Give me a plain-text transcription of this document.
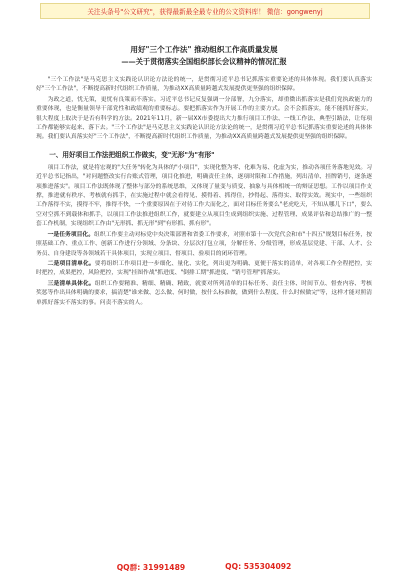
关注头条号"公文研究"，获得最新最全最专业的公文资料库！ 微信：gongwenyj
用好"三个工作法" 推动组织工作高质量发展
——关于贯彻落实全国组织部长会议精神的情况汇报

"三个工作法"是马克思主义实践论认识论方法论的统一，是贯彻习近平总书记抓落实重要论述的具体体现。我们要认真落实好"三个工作法"，不断提高新时代组织工作质量，为推动XX高质量跨越式发展提供更坚强的组织保障。

为政之道，忧无策，更忧有良策而不落实。习近平总书记反复强调一分部署，九分落实，却重微出抓落实是我们党执政能力的重要体现，也是衡量领导干部党性和政绩观的重要标志。要把抓落实作为开展工作的主要方式。会不会抓落实，能不能抓好落实，很大程度上取决于是否有科学的方法。2021年11月，新一届XX市委提出大力推行项目工作法、一线工作法、典型引路法，让每项工作都能够实起来、落下去。"三个工作法"是马克思主义实践论认识论方法论的统一，是贯彻习近平总书记抓落实重要论述的具体体现。我们要认真落实好"三个工作法"，不断提高新时代组织工作质量，为推动XX高质量跨越式发展提供更坚强的组织保障。

一、用好项目工作法把组织工作做实，变"无形"为"有形"

项目工作法，就是将宏观的"大任务"转化为具体的"小项目"，实现化整为零、化难为易、化虚为实，推动各项任务落地见效。习近平总书记指出，"对问题整改实行台账式管理，项目化推进，明确责任主体，逐项时限和工作措施，列出清单、挂牌销号，逐条逐项推进落实"。项目工作法既体现了整体与部分的系统思维，又体现了量变与质变、抽象与具体相统一的辩证思想。工作以项目作支撑，推进就有秩序、考核就有抓手，在实施过程中就会看得见、摸得着、抓得住，抄得起、落得实、取得实效。现实中，一些组织工作落得不实，摸得不牢，推得不快，一个重要原因在于对待工作大而化之，面对目标任务要么"老虎吃天，不知从哪儿下口"，要么空对空抓不到载体和抓手，以项目工作法推进组织工作，就要建立从项目生成到组织实施、过程管理、成果评估和总结推广的一整套工作机制，实现组织工作由"无形抓、抓无形"到"有形抓、抓有形"。

一是任务项目化。组织工作要主动对标党中央决策部署和省委工作要求，对照市第十一次党代会和市"十四五"规划目标任务，按照基础工作、重点工作、创新工作进行分领域、分条块、分层次打包立项，分解任务、分级管理，形成基层党建、干部、人才、公务员、自身建设等各领域若干具体项目，实现立项目、督项目、验项目的闭环管理。

二是项目清单化。要将组织工作项目进一步细化、量化、实化，列出更为明确、更便于落实的清单，对各项工作全程把控，实时把控，成果把控，风险把控，实现"挂图作战"抓进度、"倒排工期"抓进度、"销号管理"抓落实。

三是清单具体化。组织工作要精准、精细、精确、精致，就要对所列清单的目标任务、责任主体、时间节点、督查内容、考核奖惩等作出具体明确的要求，搞清楚"谁来做、怎么做、何时做，按什么标准做，做到什么程度、什么时候做完"等，这样才能对照清单抓好落实不落实的事。问责不落实的人。

QQ群: 31991489	QQ: 535304092
